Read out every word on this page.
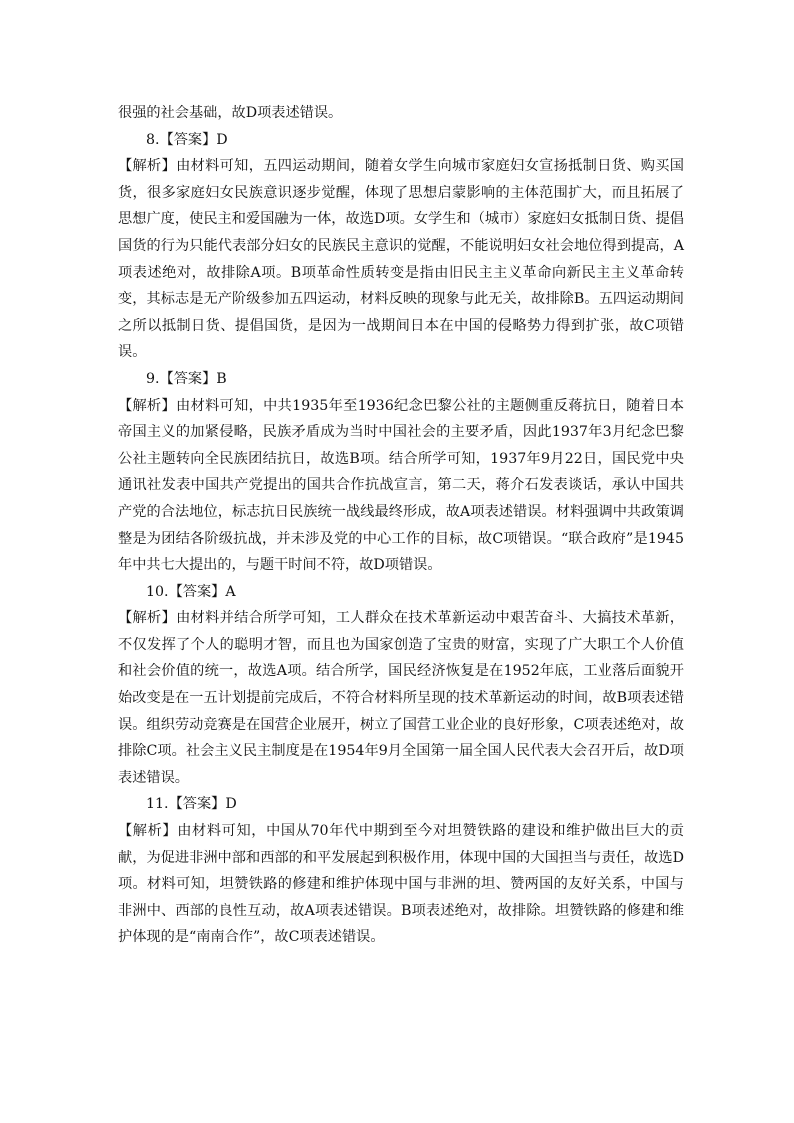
很强的社会基础，故D项表述错误。

8.【答案】D

【解析】由材料可知，五四运动期间，随着女学生向城市家庭妇女宣扬抵制日货、购买国货，很多家庭妇女民族意识逐步觉醒，体现了思想启蒙影响的主体范围扩大，而且拓展了思想广度，使民主和爱国融为一体，故选D项。女学生和（城市）家庭妇女抵制日货、提倡国货的行为只能代表部分妇女的民族民主意识的觉醒，不能说明妇女社会地位得到提高，A项表述绝对，故排除A项。B项革命性质转变是指由旧民主主义革命向新民主主义革命转变，其标志是无产阶级参加五四运动，材料反映的现象与此无关，故排除B。五四运动期间之所以抵制日货、提倡国货，是因为一战期间日本在中国的侵略势力得到扩张，故C项错误。

9.【答案】B

【解析】由材料可知，中共1935年至1936纪念巴黎公社的主题侧重反蒋抗日，随着日本帝国主义的加紧侵略，民族矛盾成为当时中国社会的主要矛盾，因此1937年3月纪念巴黎公社主题转向全民族团结抗日，故选B项。结合所学可知，1937年9月22日，国民党中央通讯社发表中国共产党提出的国共合作抗战宣言，第二天，蒋介石发表谈话，承认中国共产党的合法地位，标志抗日民族统一战线最终形成，故A项表述错误。材料强调中共政策调整是为团结各阶级抗战，并未涉及党的中心工作的目标，故C项错误。“联合政府”是1945年中共七大提出的，与题干时间不符，故D项错误。

10.【答案】A

【解析】由材料并结合所学可知，工人群众在技术革新运动中艰苦奋斗、大搞技术革新，不仅发挥了个人的聪明才智，而且也为国家创造了宝贵的财富，实现了广大职工个人价值和社会价值的统一，故选A项。结合所学，国民经济恢复是在1952年底，工业落后面貌开始改变是在一五计划提前完成后，不符合材料所呈现的技术革新运动的时间，故B项表述错误。组织劳动竞赛是在国营企业展开，树立了国营工业企业的良好形象，C项表述绝对，故排除C项。社会主义民主制度是在1954年9月全国第一届全国人民代表大会召开后，故D项表述错误。

11.【答案】D

【解析】由材料可知，中国从70年代中期到至今对坦赞铁路的建设和维护做出巨大的贡献，为促进非洲中部和西部的和平发展起到积极作用，体现中国的大国担当与责任，故选D项。材料可知，坦赞铁路的修建和维护体现中国与非洲的坦、赞两国的友好关系，中国与非洲中、西部的良性互动，故A项表述错误。B项表述绝对，故排除。坦赞铁路的修建和维护体现的是“南南合作”，故C项表述错误。
